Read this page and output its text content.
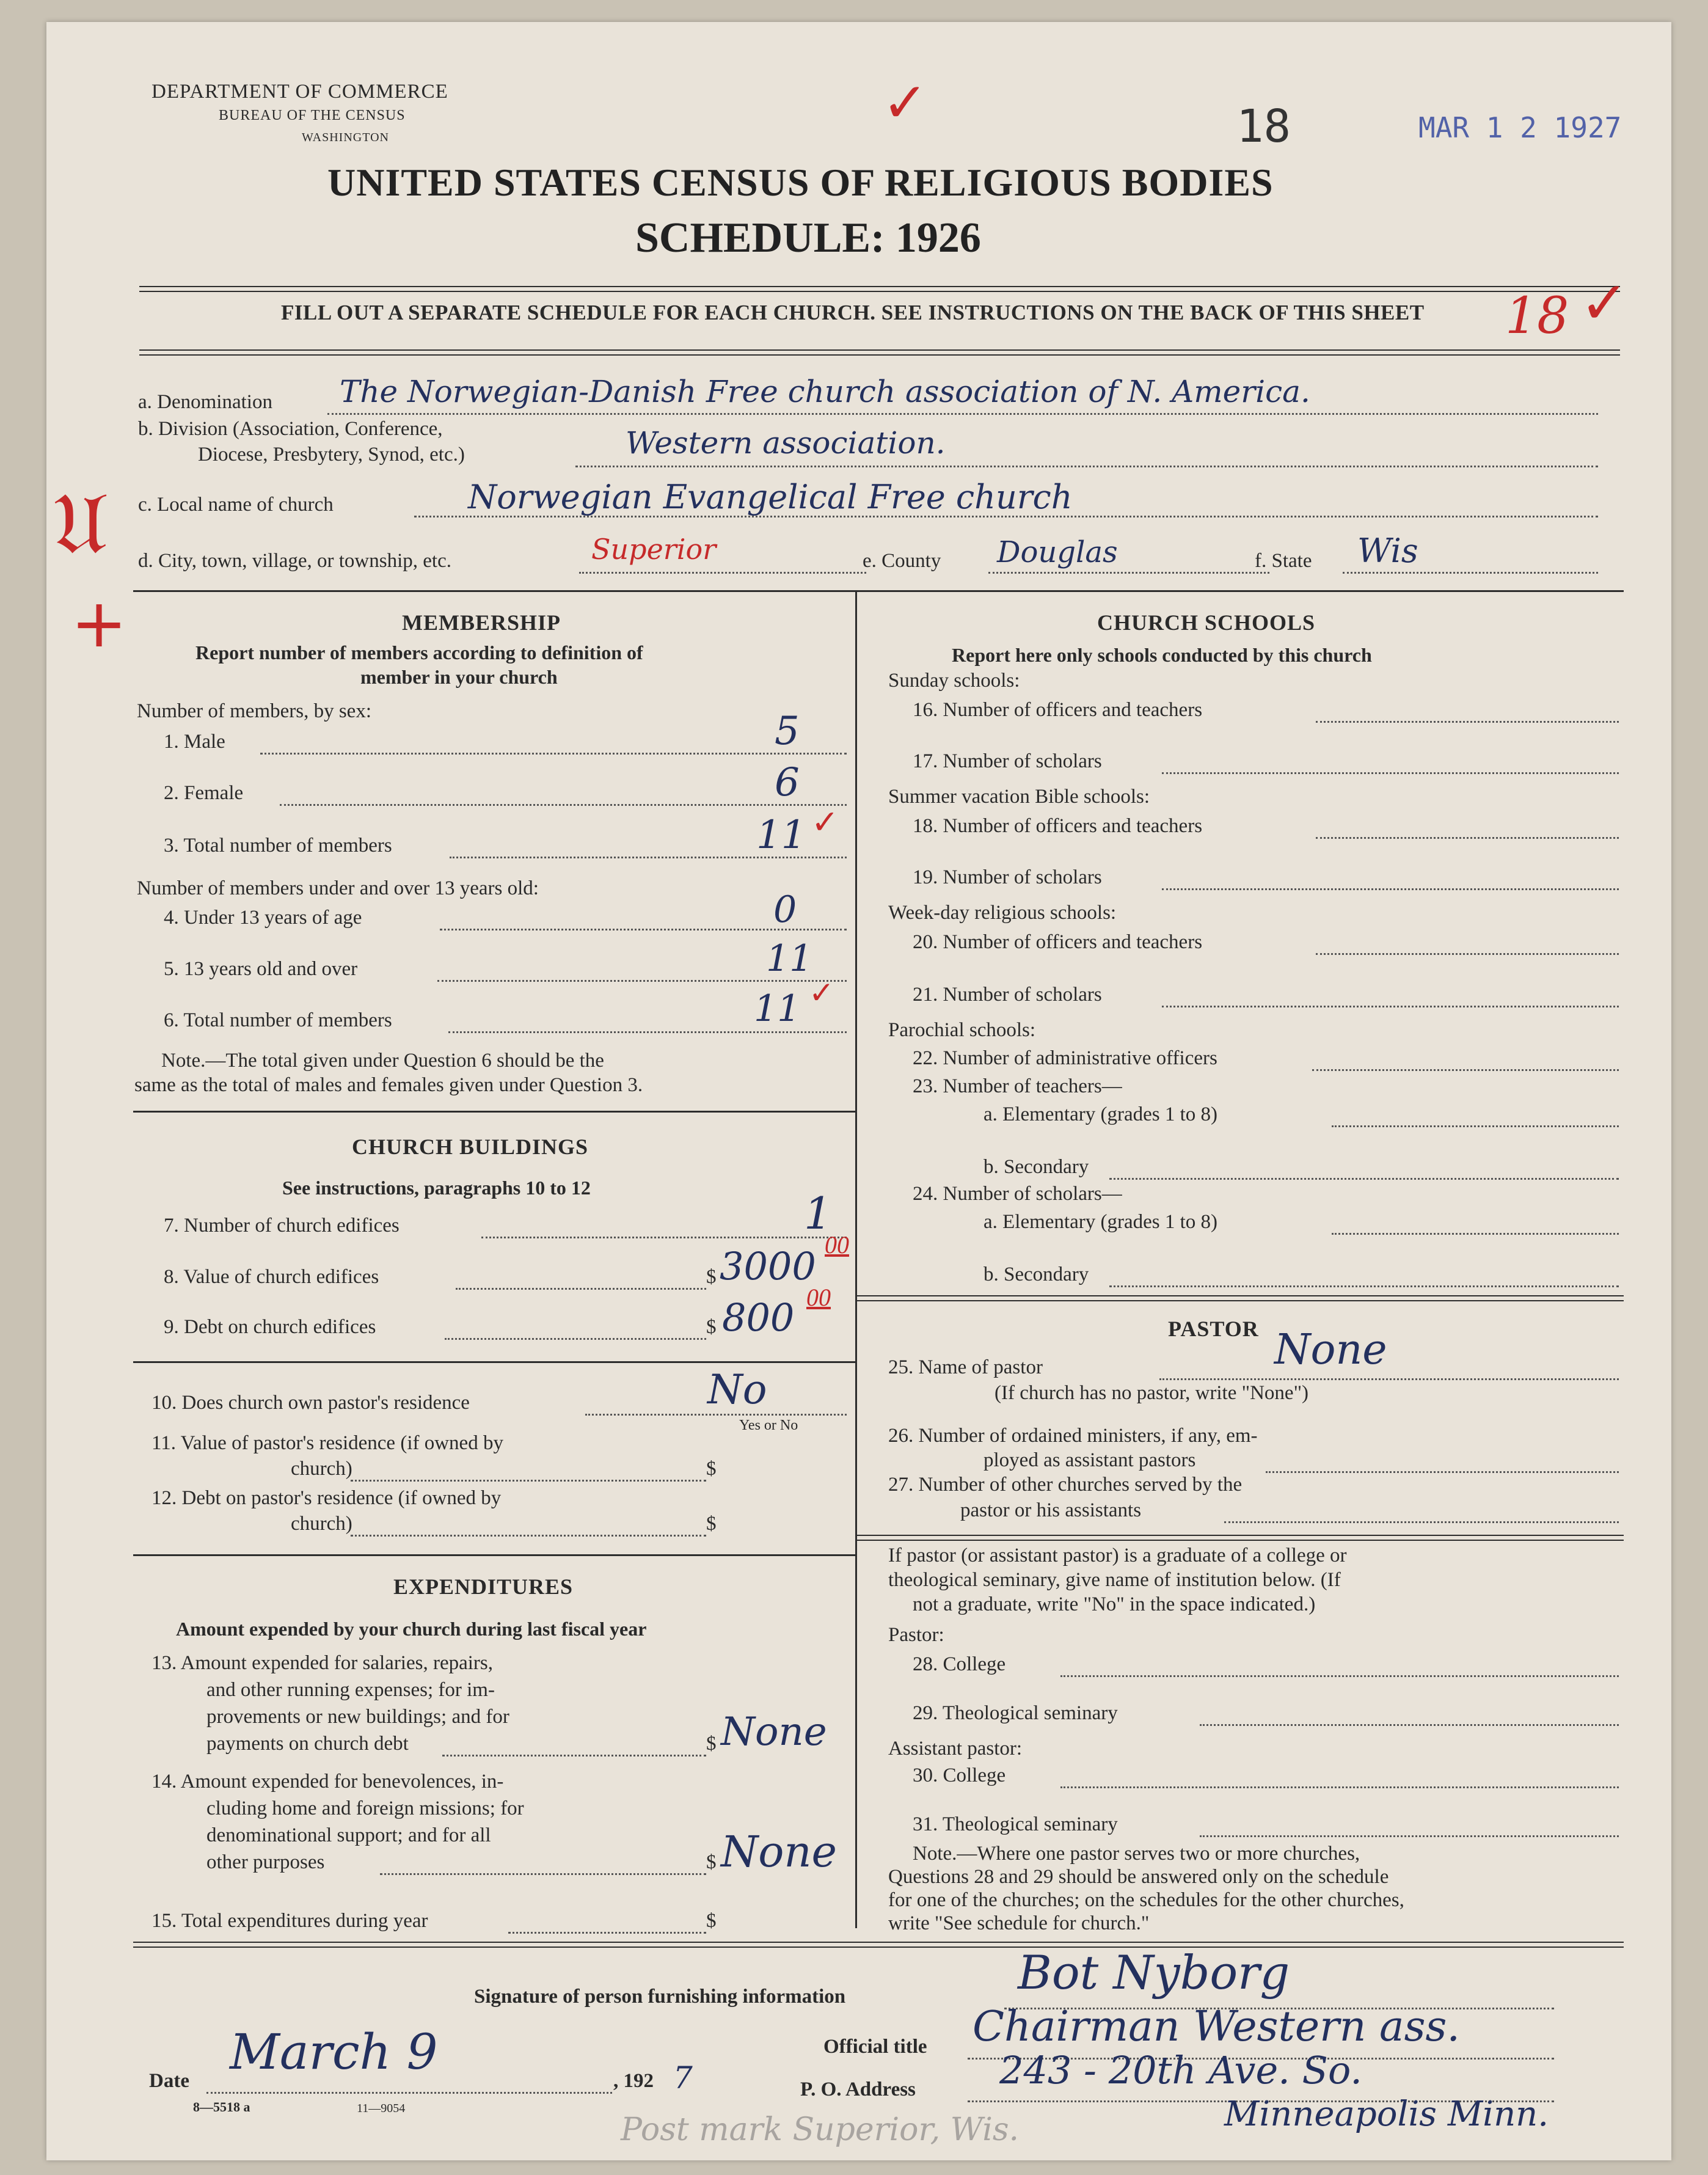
DEPARTMENT OF COMMERCE
BUREAU OF THE CENSUS
WASHINGTON	18	MAR 1 2 1927
✓
UNITED STATES CENSUS OF RELIGIOUS BODIES
SCHEDULE: 1926
FILL OUT A SEPARATE SCHEDULE FOR EACH CHURCH. SEE INSTRUCTIONS ON THE BACK OF THIS SHEET 18 ✓
a. Denomination The Norwegian-Danish Free church association of N. America.
b. Division (Association, Conference,
Diocese, Presbytery, Synod, etc.)	Western association.
𝔘
+
c. Local name of church	Norwegian Evangelical Free church
d. City, town, village, or township, etc.	Superior	e. County Douglas	f. State Wis
MEMBERSHIP
Report number of members according to definition of
member in your church
Number of members, by sex:
1. Male	5
2. Female	6
3. Total number of members	11 ✓
Number of members under and over 13 years old:
4. Under 13 years of age	0
5. 13 years old and over	11
6. Total number of members	11 ✓
Note.—The total given under Question 6 should be the
same as the total of males and females given under Question 3.
CHURCH BUILDINGS
See instructions, paragraphs 10 to 12
7. Number of church edifices	1
8. Value of church edifices	$ 3000 00
9. Debt on church edifices	$ 800 00
10. Does church own pastor's residence	No
Yes or No
11. Value of pastor's residence (if owned by
church)	$
12. Debt on pastor's residence (if owned by
church)	$
EXPENDITURES
Amount expended by your church during last fiscal year
13. Amount expended for salaries, repairs,
and other running expenses; for im-
provements or new buildings; and for
payments on church debt	$ None
14. Amount expended for benevolences, in-
cluding home and foreign missions; for
denominational support; and for all
other purposes	$ None
15. Total expenditures during year	$
CHURCH SCHOOLS
Report here only schools conducted by this church
Sunday schools:
16. Number of officers and teachers
17. Number of scholars
Summer vacation Bible schools:
18. Number of officers and teachers
19. Number of scholars
Week-day religious schools:
20. Number of officers and teachers
21. Number of scholars
Parochial schools:
22. Number of administrative officers
23. Number of teachers—
a. Elementary (grades 1 to 8)
b. Secondary
24. Number of scholars—
a. Elementary (grades 1 to 8)
b. Secondary
PASTOR
25. Name of pastor	None
(If church has no pastor, write "None")
26. Number of ordained ministers, if any, em-
ployed as assistant pastors
27. Number of other churches served by the
pastor or his assistants
If pastor (or assistant pastor) is a graduate of a college or
theological seminary, give name of institution below. (If
not a graduate, write "No" in the space indicated.)
Pastor:
28. College
29. Theological seminary
Assistant pastor:
30. College
31. Theological seminary
Note.—Where one pastor serves two or more churches,
Questions 28 and 29 should be answered only on the schedule
for one of the churches; on the schedules for the other churches,
write "See schedule for church."
Signature of person furnishing information	Bot Nyborg
Official title Chairman Western ass.
Date
March 9
, 192 7	P. O. Address 243 - 20th Ave. So.
Minneapolis Minn.
8—5518 a	11—9054
Post mark Superior, Wis.
